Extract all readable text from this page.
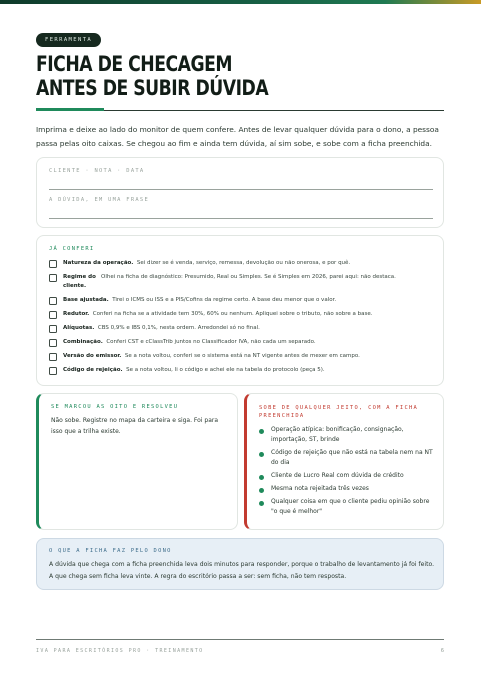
FERRAMENTA
FICHA DE CHECAGEM
ANTES DE SUBIR DÚVIDA

Imprima e deixe ao lado do monitor de quem confere. Antes de levar qualquer dúvida para o dono, a pessoa passa pelas oito caixas. Se chegou ao fim e ainda tem dúvida, aí sim sobe, e sobe com a ficha preenchida.

CLIENTE · NOTA · DATA
A DÚVIDA, EM UMA FRASE
JÁ CONFERI
Natureza da operação. Sei dizer se é venda, serviço, remessa, devolução ou não onerosa, e por quê.
Regime do cliente.
Olhei na ficha de diagnóstico: Presumido, Real ou Simples. Se é Simples em 2026, parei aqui: não destaca.
Base ajustada. Tirei o ICMS ou ISS e a PIS/Cofins da regime certo. A base deu menor que o valor.
Redutor. Conferi na ficha se a atividade tem 30%, 60% ou nenhum. Apliquei sobre o tributo, não sobre a base.
Alíquotas. CBS 0,9% e IBS 0,1%, nesta ordem. Arredondei só no final.
Combinação. Conferi CST e cClassTrib juntos no Classificador IVA, não cada um separado.
Versão do emissor. Se a nota voltou, conferi se o sistema está na NT vigente antes de mexer em campo.
Código de rejeição. Se a nota voltou, li o código e achei ele na tabela do protocolo (peça 5).
SE MARCOU AS OITO E RESOLVEU

Não sobe. Registre no mapa da carteira e siga. Foi para isso que a trilha existe.

SOBE DE QUALQUER JEITO, COM A FICHA PREENCHIDA
Operação atípica: bonificação, consignação, importação, ST, brinde
Código de rejeição que não está na tabela nem na NT do dia
Cliente de Lucro Real com dúvida de crédito
Mesma nota rejeitada três vezes
Qualquer coisa em que o cliente pediu opinião sobre "o que é melhor"
O QUE A FICHA FAZ PELO DONO

A dúvida que chega com a ficha preenchida leva dois minutos para responder, porque o trabalho de levantamento já foi feito. A que chega sem ficha leva vinte. A regra do escritório passa a ser: sem ficha, não tem resposta.

IVA PARA ESCRITÓRIOS PRO · TREINAMENTO	6
